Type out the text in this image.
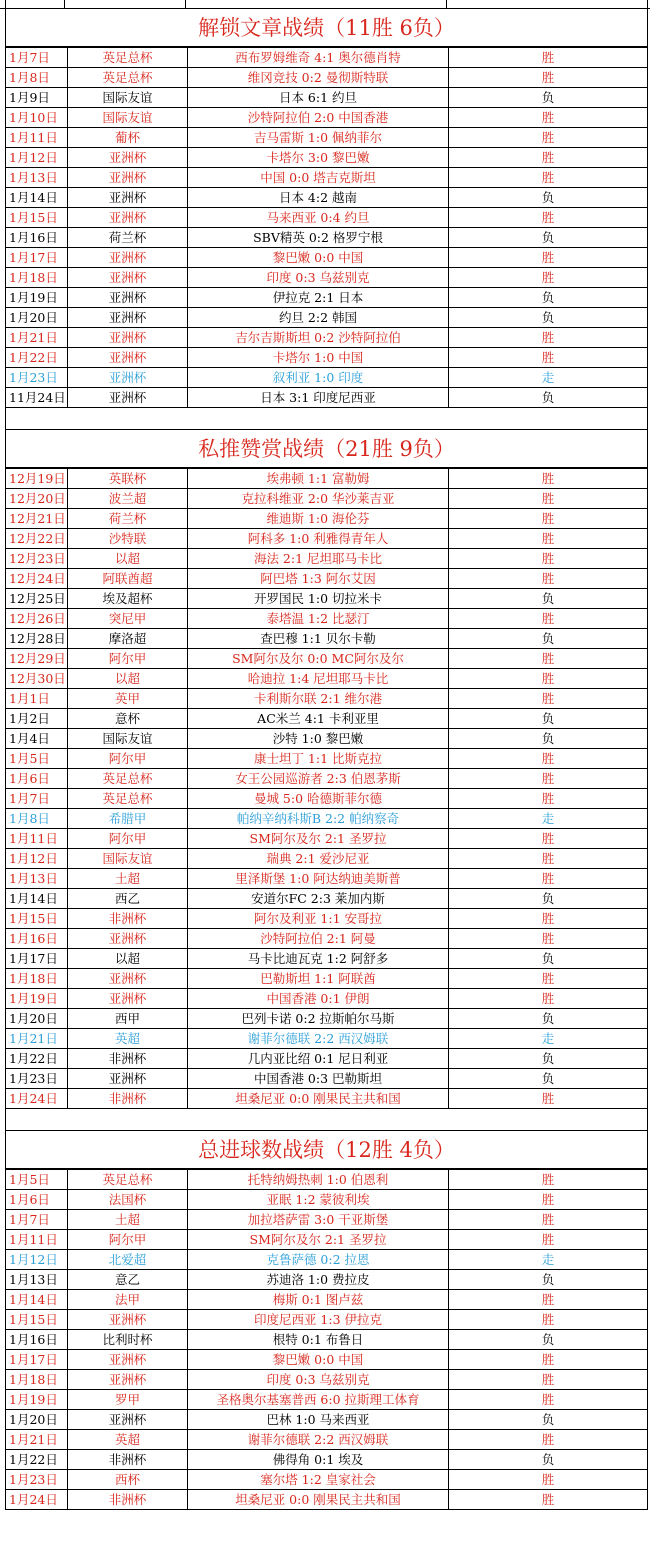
解锁文章战绩（11胜 6负）
1月7日	英足总杯	西布罗姆维奇 4:1 奥尔德肖特	胜
1月8日	英足总杯	维冈竞技 0:2 曼彻斯特联	胜
1月9日	国际友谊	日本 6:1 约旦	负
1月10日	国际友谊	沙特阿拉伯 2:0 中国香港	胜
1月11日	葡杯	吉马雷斯 1:0 佩纳菲尔	胜
1月12日	亚洲杯	卡塔尔 3:0 黎巴嫩	胜
1月13日	亚洲杯	中国 0:0 塔吉克斯坦	胜
1月14日	亚洲杯	日本 4:2 越南	负
1月15日	亚洲杯	马来西亚 0:4 约旦	胜
1月16日	荷兰杯	SBV精英 0:2 格罗宁根	负
1月17日	亚洲杯	黎巴嫩 0:0 中国	胜
1月18日	亚洲杯	印度 0:3 乌兹别克	胜
1月19日	亚洲杯	伊拉克 2:1 日本	负
1月20日	亚洲杯	约旦 2:2 韩国	负
1月21日	亚洲杯	吉尔吉斯斯坦 0:2 沙特阿拉伯	胜
1月22日	亚洲杯	卡塔尔 1:0 中国	胜
1月23日	亚洲杯	叙利亚 1:0 印度	走
11月24日	亚洲杯	日本 3:1 印度尼西亚	负
私推赞赏战绩（21胜 9负）
12月19日	英联杯	埃弗顿 1:1 富勒姆	胜
12月20日	波兰超	克拉科维亚 2:0 华沙莱吉亚	胜
12月21日	荷兰杯	维迪斯 1:0 海伦芬	胜
12月22日	沙特联	阿科多 1:0 利雅得青年人	胜
12月23日	以超	海法 2:1 尼坦耶马卡比	胜
12月24日	阿联酋超	阿巴塔 1:3 阿尔艾因	胜
12月25日	埃及超杯	开罗国民 1:0 切拉米卡	负
12月26日	突尼甲	泰塔温 1:2 比瑟汀	胜
12月28日	摩洛超	查巴穆 1:1 贝尔卡勒	负
12月29日	阿尔甲	SM阿尔及尔 0:0 MC阿尔及尔	胜
12月30日	以超	哈迪拉 1:4 尼坦耶马卡比	胜
1月1日	英甲	卡利斯尔联 2:1 维尔港	胜
1月2日	意杯	AC米兰 4:1 卡利亚里	负
1月4日	国际友谊	沙特 1:0 黎巴嫩	负
1月5日	阿尔甲	康士坦丁 1:1 比斯克拉	胜
1月6日	英足总杯	女王公园巡游者 2:3 伯恩茅斯	胜
1月7日	英足总杯	曼城 5:0 哈德斯菲尔德	胜
1月8日	希腊甲	帕纳辛纳科斯B 2:2 帕纳察奇	走
1月11日	阿尔甲	SM阿尔及尔 2:1 圣罗拉	胜
1月12日	国际友谊	瑞典 2:1 爱沙尼亚	胜
1月13日	土超	里泽斯堡 1:0 阿达纳迪美斯普	胜
1月14日	西乙	安道尔FC 2:3 莱加内斯	负
1月15日	非洲杯	阿尔及利亚 1:1 安哥拉	胜
1月16日	亚洲杯	沙特阿拉伯 2:1 阿曼	胜
1月17日	以超	马卡比迪瓦克 1:2 阿舒多	负
1月18日	亚洲杯	巴勒斯坦 1:1 阿联酋	胜
1月19日	亚洲杯	中国香港 0:1 伊朗	胜
1月20日	西甲	巴列卡诺 0:2 拉斯帕尔马斯	负
1月21日	英超	谢菲尔德联 2:2 西汉姆联	走
1月22日	非洲杯	几内亚比绍 0:1 尼日利亚	负
1月23日	亚洲杯	中国香港 0:3 巴勒斯坦	负
1月24日	非洲杯	坦桑尼亚 0:0 刚果民主共和国	胜
总进球数战绩（12胜 4负）
1月5日	英足总杯	托特纳姆热刺 1:0 伯恩利	胜
1月6日	法国杯	亚眠 1:2 蒙彼利埃	胜
1月7日	土超	加拉塔萨雷 3:0 干亚斯堡	胜
1月11日	阿尔甲	SM阿尔及尔 2:1 圣罗拉	胜
1月12日	北爱超	克鲁萨德 0:2 拉恩	走
1月13日	意乙	苏迪洛 1:0 费拉皮	负
1月14日	法甲	梅斯 0:1 图卢兹	胜
1月15日	亚洲杯	印度尼西亚 1:3 伊拉克	胜
1月16日	比利时杯	根特 0:1 布鲁日	负
1月17日	亚洲杯	黎巴嫩 0:0 中国	胜
1月18日	亚洲杯	印度 0:3 乌兹别克	胜
1月19日	罗甲	圣格奥尔基塞普西 6:0 拉斯理工体育	胜
1月20日	亚洲杯	巴林 1:0 马来西亚	负
1月21日	英超	谢菲尔德联 2:2 西汉姆联	胜
1月22日	非洲杯	佛得角 0:1 埃及	负
1月23日	西杯	塞尔塔 1:2 皇家社会	胜
1月24日	非洲杯	坦桑尼亚 0:0 刚果民主共和国	胜
